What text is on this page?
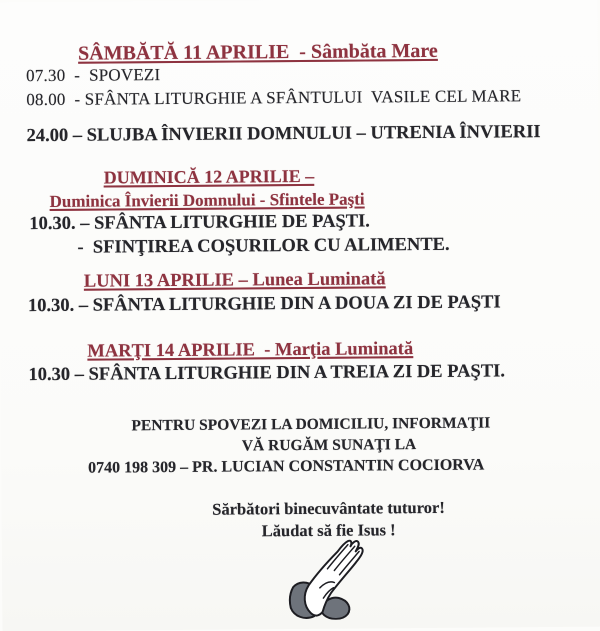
SÂMBĂTĂ 11 APRILIE  - Sâmbăta Mare
07.30  -  SPOVEZI
08.00  - SFÂNTA LITURGHIE A SFÂNTULUI  VASILE CEL MARE
24.00 – SLUJBA ÎNVIERII DOMNULUI – UTRENIA ÎNVIERII
DUMINICĂ 12 APRILIE –
Duminica Învierii Domnului - Sfintele Paşti
10.30. – SFÂNTA LITURGHIE DE PAŞTI.
-  SFINŢIREA COŞURILOR CU ALIMENTE.
LUNI 13 APRILIE – Lunea Luminată
10.30. – SFÂNTA LITURGHIE DIN A DOUA ZI DE PAŞTI
MARŢI 14 APRILIE  - Marţia Luminată
10.30 – SFÂNTA LITURGHIE DIN A TREIA ZI DE PAŞTI.
PENTRU SPOVEZI LA DOMICILIU, INFORMAŢII
VĂ RUGĂM SUNAŢI LA
0740 198 309 – PR. LUCIAN CONSTANTIN COCIORVA
Sărbători binecuvântate tuturor!
Lăudat să fie Isus !
